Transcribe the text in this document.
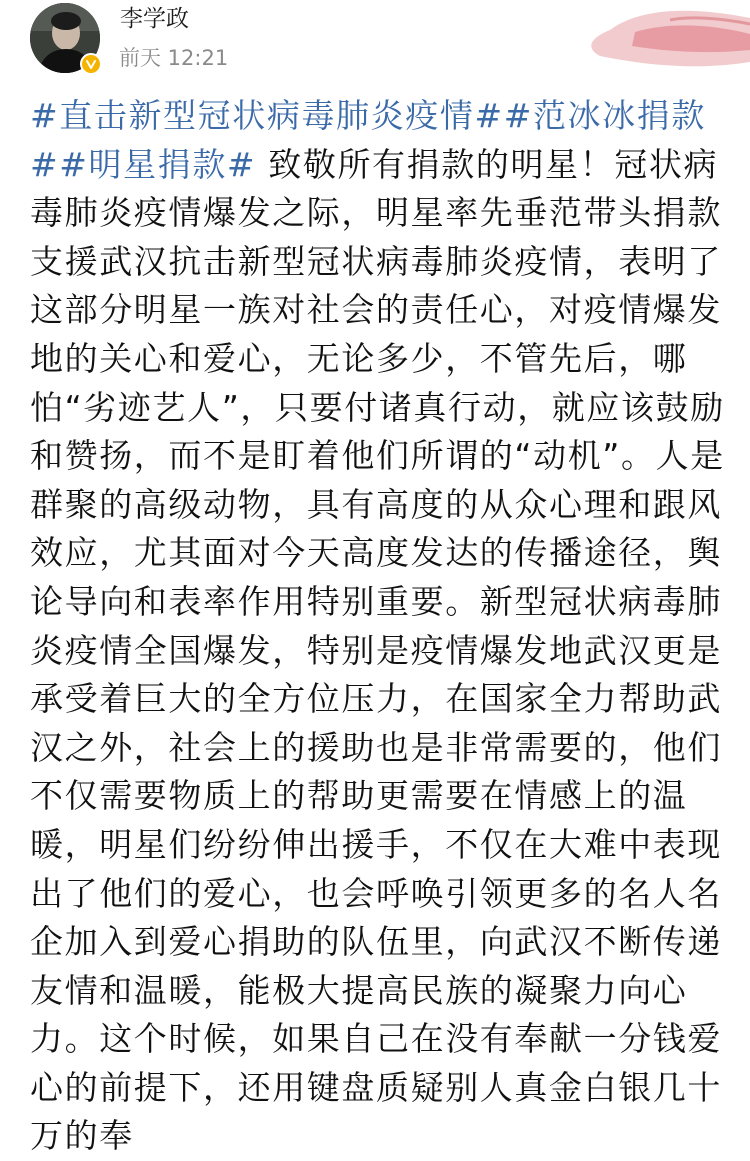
李学政
前天 12:21
#直击新型冠状病毒肺炎疫情##范冰冰捐款##明星捐款# 致敬所有捐款的明星！冠状病毒肺炎疫情爆发之际，明星率先垂范带头捐款支援武汉抗击新型冠状病毒肺炎疫情，表明了这部分明星一族对社会的责任心，对疫情爆发地的关心和爱心，无论多少，不管先后，哪怕“劣迹艺人”，只要付诸真行动，就应该鼓励和赞扬，而不是盯着他们所谓的“动机”。人是群聚的高级动物，具有高度的从众心理和跟风效应，尤其面对今天高度发达的传播途径，舆论导向和表率作用特别重要。新型冠状病毒肺炎疫情全国爆发，特别是疫情爆发地武汉更是承受着巨大的全方位压力，在国家全力帮助武汉之外，社会上的援助也是非常需要的，他们不仅需要物质上的帮助更需要在情感上的温暖，明星们纷纷伸出援手，不仅在大难中表现出了他们的爱心，也会呼唤引领更多的名人名企加入到爱心捐助的队伍里，向武汉不断传递友情和温暖，能极大提高民族的凝聚力向心力。这个时候，如果自己在没有奉献一分钱爱心的前提下，还用键盘质疑别人真金白银几十万的奉
